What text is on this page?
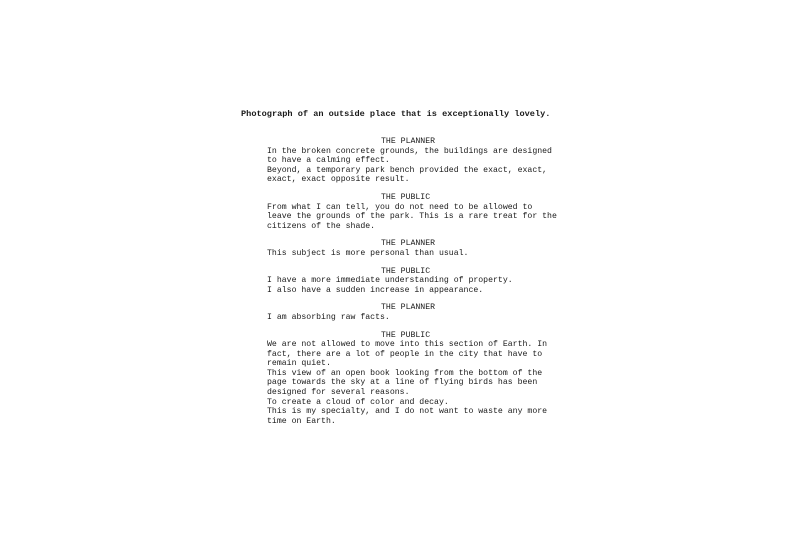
Photograph of an outside place that is exceptionally lovely.
THE PLANNER
In the broken concrete grounds, the buildings are designed
to have a calming effect.
Beyond, a temporary park bench provided the exact, exact,
exact, exact opposite result.
THE PUBLIC
From what I can tell, you do not need to be allowed to
leave the grounds of the park. This is a rare treat for the
citizens of the shade.
THE PLANNER
This subject is more personal than usual.
THE PUBLIC
I have a more immediate understanding of property.
I also have a sudden increase in appearance.
THE PLANNER
I am absorbing raw facts.
THE PUBLIC
We are not allowed to move into this section of Earth. In
fact, there are a lot of people in the city that have to
remain quiet.
This view of an open book looking from the bottom of the
page towards the sky at a line of flying birds has been
designed for several reasons.
To create a cloud of color and decay.
This is my specialty, and I do not want to waste any more
time on Earth.
